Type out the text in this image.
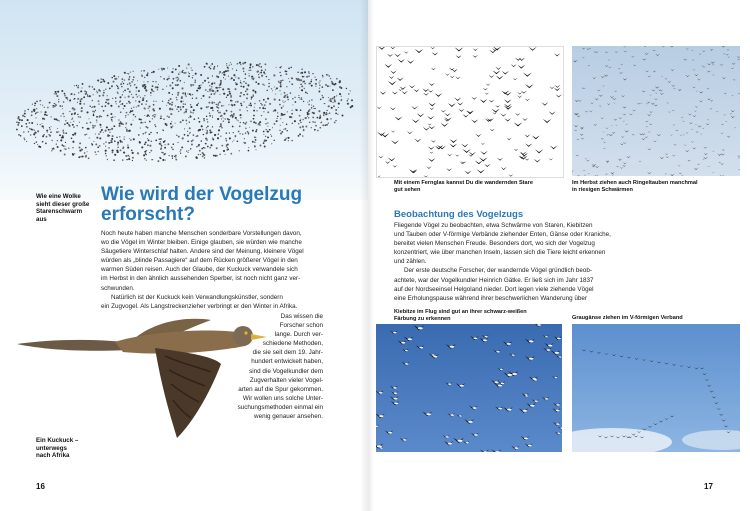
Wie eine Wolke
sieht dieser große
Starenschwarm
aus
Wie wird der Vogelzug
erforscht?

Noch heute haben manche Menschen sonderbare Vorstellungen davon,

wo die Vögel im Winter bleiben. Einige glauben, sie würden wie manche

Säugetiere Winterschlaf halten. Andere sind der Meinung, kleinere Vögel

würden als „blinde Passagiere“ auf dem Rücken größerer Vögel in den

warmen Süden reisen. Auch der Glaube, der Kuckuck verwandele sich

im Herbst in den ähnlich aussehenden Sperber, ist noch nicht ganz ver-

schwunden.

Natürlich ist der Kuckuck kein Verwandlungskünstler, sondern

ein Zugvogel. Als Langstreckenzieher verbringt er den Winter in Afrika.

Das wissen die

Forscher schon

lange. Durch ver-

schiedene Methoden,

die sie seit dem 19. Jahr-

hundert entwickelt haben,

sind die Vogelkundler dem

Zugverhalten vieler Vogel-

arten auf die Spur gekommen.

Wir wollen uns solche Unter-

suchungsmethoden einmal ein

wenig genauer ansehen.

Ein Kuckuck –
unterwegs
nach Afrika
16
Mit einem Fernglas kannst Du die wandernden Stare
gut sehen
Im Herbst ziehen auch Ringeltauben manchmal
in riesigen Schwärmen
Beobachtung des Vogelzugs

Fliegende Vögel zu beobachten, etwa Schwärme von Staren, Kiebitzen

und Tauben oder V-förmige Verbände ziehender Enten, Gänse oder Kraniche,

bereitet vielen Menschen Freude. Besonders dort, wo sich der Vogelzug

konzentriert, wie über manchen Inseln, lassen sich die Tiere leicht erkennen

und zählen.

Der erste deutsche Forscher, der wandernde Vögel gründlich beob-

achtete, war der Vogelkundler Heinrich Gätke. Er ließ sich im Jahr 1837

auf der Nordseeinsel Helgoland nieder. Dort legen viele ziehende Vögel

eine Erholungspause während ihrer beschwerlichen Wanderung über

Kiebitze im Flug sind gut an ihrer schwarz-weißen
Färbung zu erkennen	Graugänse ziehen im V-förmigen Verband
17
